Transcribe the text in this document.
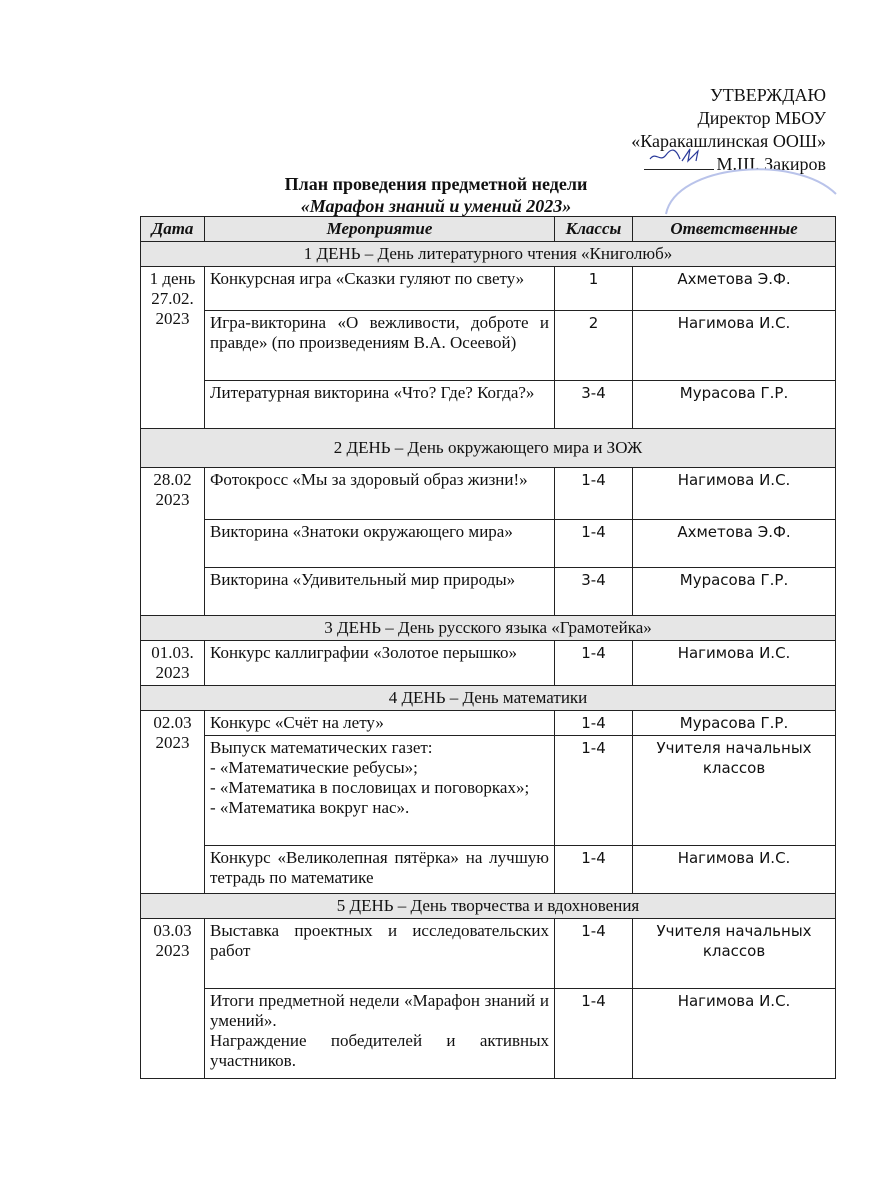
УТВЕРЖДАЮ
Директор МБОУ
«Каракашлинская ООШ»
М.Ш. Закиров
План проведения предметной недели
«Марафон знаний и умений 2023»
Дата	Мероприятие	Классы	Ответственные
1 ДЕНЬ – День литературного чтения «Книголюб»			
1 день 27.02. 2023	Конкурсная игра «Сказки гуляют по свету»	1	Ахметова Э.Ф.
	Игра-викторина «О вежливости, доброте и правде» (по произведениям В.А. Осеевой)	2	Нагимова И.С.
	Литературная викторина «Что? Где? Когда?»	3-4	Мурасова Г.Р.
2 ДЕНЬ – День окружающего мира и ЗОЖ			
28.02 2023	Фотокросс «Мы за здоровый образ жизни!»	1-4	Нагимова И.С.
	Викторина «Знатоки окружающего мира»	1-4	Ахметова Э.Ф.
	Викторина «Удивительный мир природы»	3-4	Мурасова Г.Р.
3 ДЕНЬ – День русского языка «Грамотейка»			
01.03. 2023	Конкурс каллиграфии «Золотое перышко»	1-4	Нагимова И.С.
4 ДЕНЬ – День математики			
02.03 2023	Конкурс «Счёт на лету»	1-4	Мурасова Г.Р.

	Выпуск математических газет:
- «Математические ребусы»;
- «Математика в пословицах и поговорках»;
- «Математика вокруг нас».	1-4	Учителя начальных классов
	Конкурс «Великолепная пятёрка» на лучшую тетрадь по математике	1-4	Нагимова И.С.
5 ДЕНЬ – День творчества и вдохновения			
03.03 2023	Выставка проектных и исследовательских работ	1-4	Учителя начальных классов

	Итоги предметной недели «Марафон знаний и умений».
Награждение победителей и активных участников.	1-4	Нагимова И.С.
